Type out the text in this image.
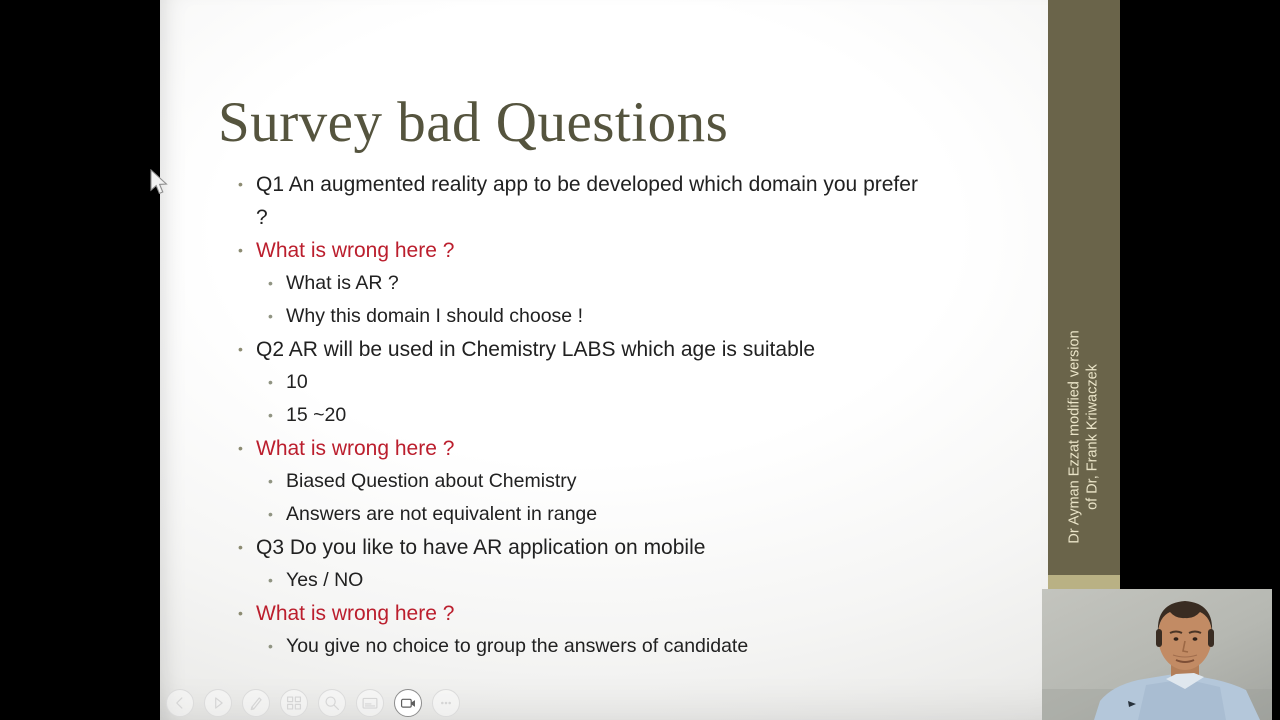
Survey bad Questions
• Q1 An augmented reality app to be developed which domain you prefer ?
• What is wrong here ?
• What is AR ?
• Why this domain I should choose !
• Q2 AR will be used in Chemistry LABS which age is suitable
• 10
• 15 ~20
• What is wrong here ?
• Biased Question about Chemistry
• Answers are not equivalent in range
• Q3 Do you like to have AR application on mobile
• Yes / NO
• What is wrong here ?
• You give no choice to group the answers of candidate
Dr Ayman Ezzat modified version of Dr, Frank Kriwaczek
